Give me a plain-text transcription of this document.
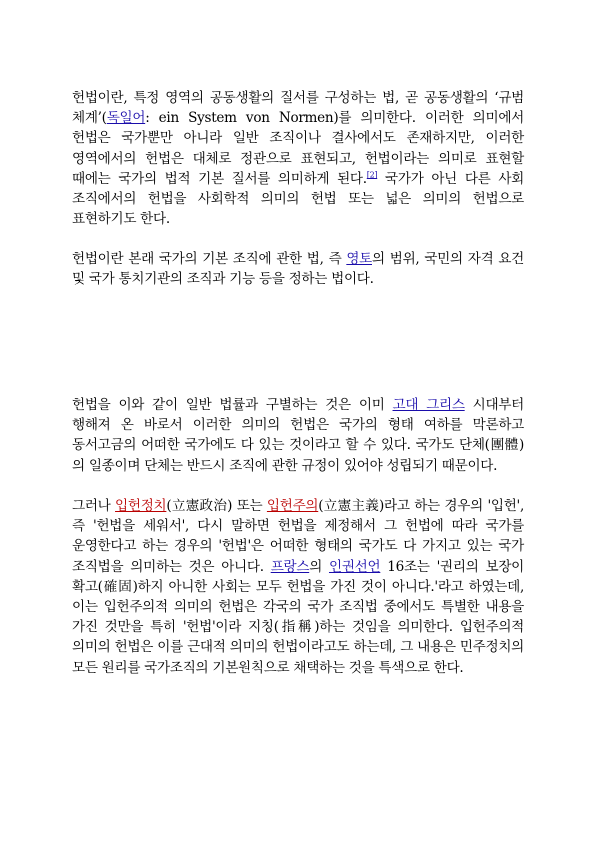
헌법이란, 특정 영역의 공동생활의 질서를 구성하는 법, 곧 공동생활의 ‘규범 체계’(독일어: ein System von Normen)를 의미한다. 이러한 의미에서 헌법은 국가뿐만 아니라 일반 조직이나 결사에서도 존재하지만, 이러한 영역에서의 헌법은 대체로 정관으로 표현되고, 헌법이라는 의미로 표현할 때에는 국가의 법적 기본 질서를 의미하게 된다.[2] 국가가 아닌 다른 사회 조직에서의 헌법을 사회학적 의미의 헌법 또는 넓은 의미의 헌법으로 표현하기도 한다.

헌법이란 본래 국가의 기본 조직에 관한 법, 즉 영토의 범위, 국민의 자격 요건 및 국가 통치기관의 조직과 기능 등을 정하는 법이다.

헌법을 이와 같이 일반 법률과 구별하는 것은 이미 고대 그리스 시대부터 행해져 온 바로서 이러한 의미의 헌법은 국가의 형태 여하를 막론하고 동서고금의 어떠한 국가에도 다 있는 것이라고 할 수 있다. 국가도 단체(團體)의 일종이며 단체는 반드시 조직에 관한 규정이 있어야 성립되기 때문이다.

그러나 입헌정치(立憲政治) 또는 입헌주의(立憲主義)라고 하는 경우의 '입헌', 즉 '헌법을 세워서', 다시 말하면 헌법을 제정해서 그 헌법에 따라 국가를 운영한다고 하는 경우의 '헌법'은 어떠한 형태의 국가도 다 가지고 있는 국가 조직법을 의미하는 것은 아니다. 프랑스의 인권선언 16조는 '권리의 보장이 확고(確固)하지 아니한 사회는 모두 헌법을 가진 것이 아니다.'라고 하였는데, 이는 입헌주의적 의미의 헌법은 각국의 국가 조직법 중에서도 특별한 내용을 가진 것만을 특히 '헌법'이라 지칭(指稱)하는 것임을 의미한다. 입헌주의적 의미의 헌법은 이를 근대적 의미의 헌법이라고도 하는데, 그 내용은 민주정치의 모든 원리를 국가조직의 기본원칙으로 채택하는 것을 특색으로 한다.
